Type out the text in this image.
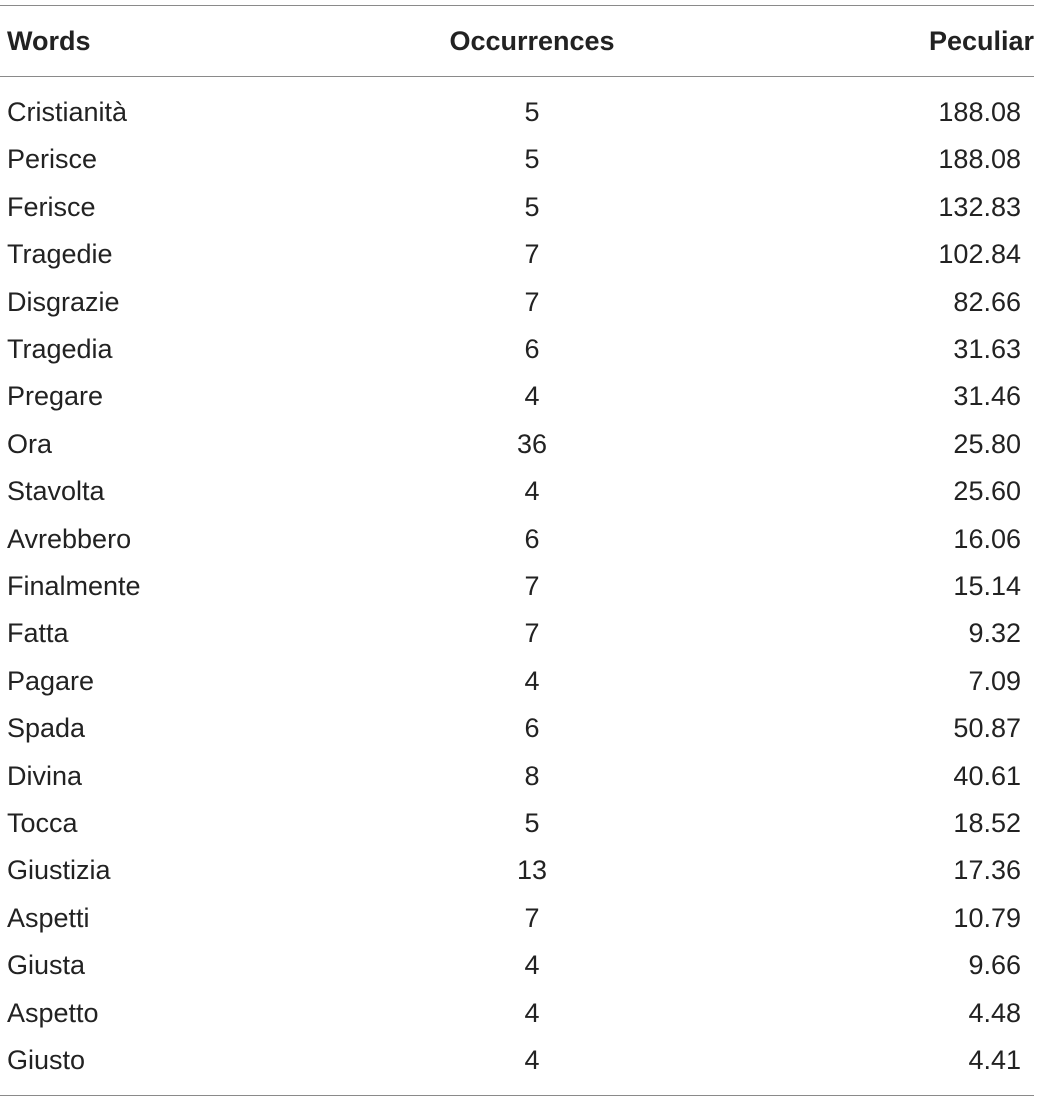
Words	Occurrences	Peculiar
Cristianità	5	188.08
Perisce	5	188.08
Ferisce	5	132.83
Tragedie	7	102.84
Disgrazie	7	82.66
Tragedia	6	31.63
Pregare	4	31.46
Ora	36	25.80
Stavolta	4	25.60
Avrebbero	6	16.06
Finalmente	7	15.14
Fatta	7	9.32
Pagare	4	7.09
Spada	6	50.87
Divina	8	40.61
Tocca	5	18.52
Giustizia	13	17.36
Aspetti	7	10.79
Giusta	4	9.66
Aspetto	4	4.48
Giusto	4	4.41
